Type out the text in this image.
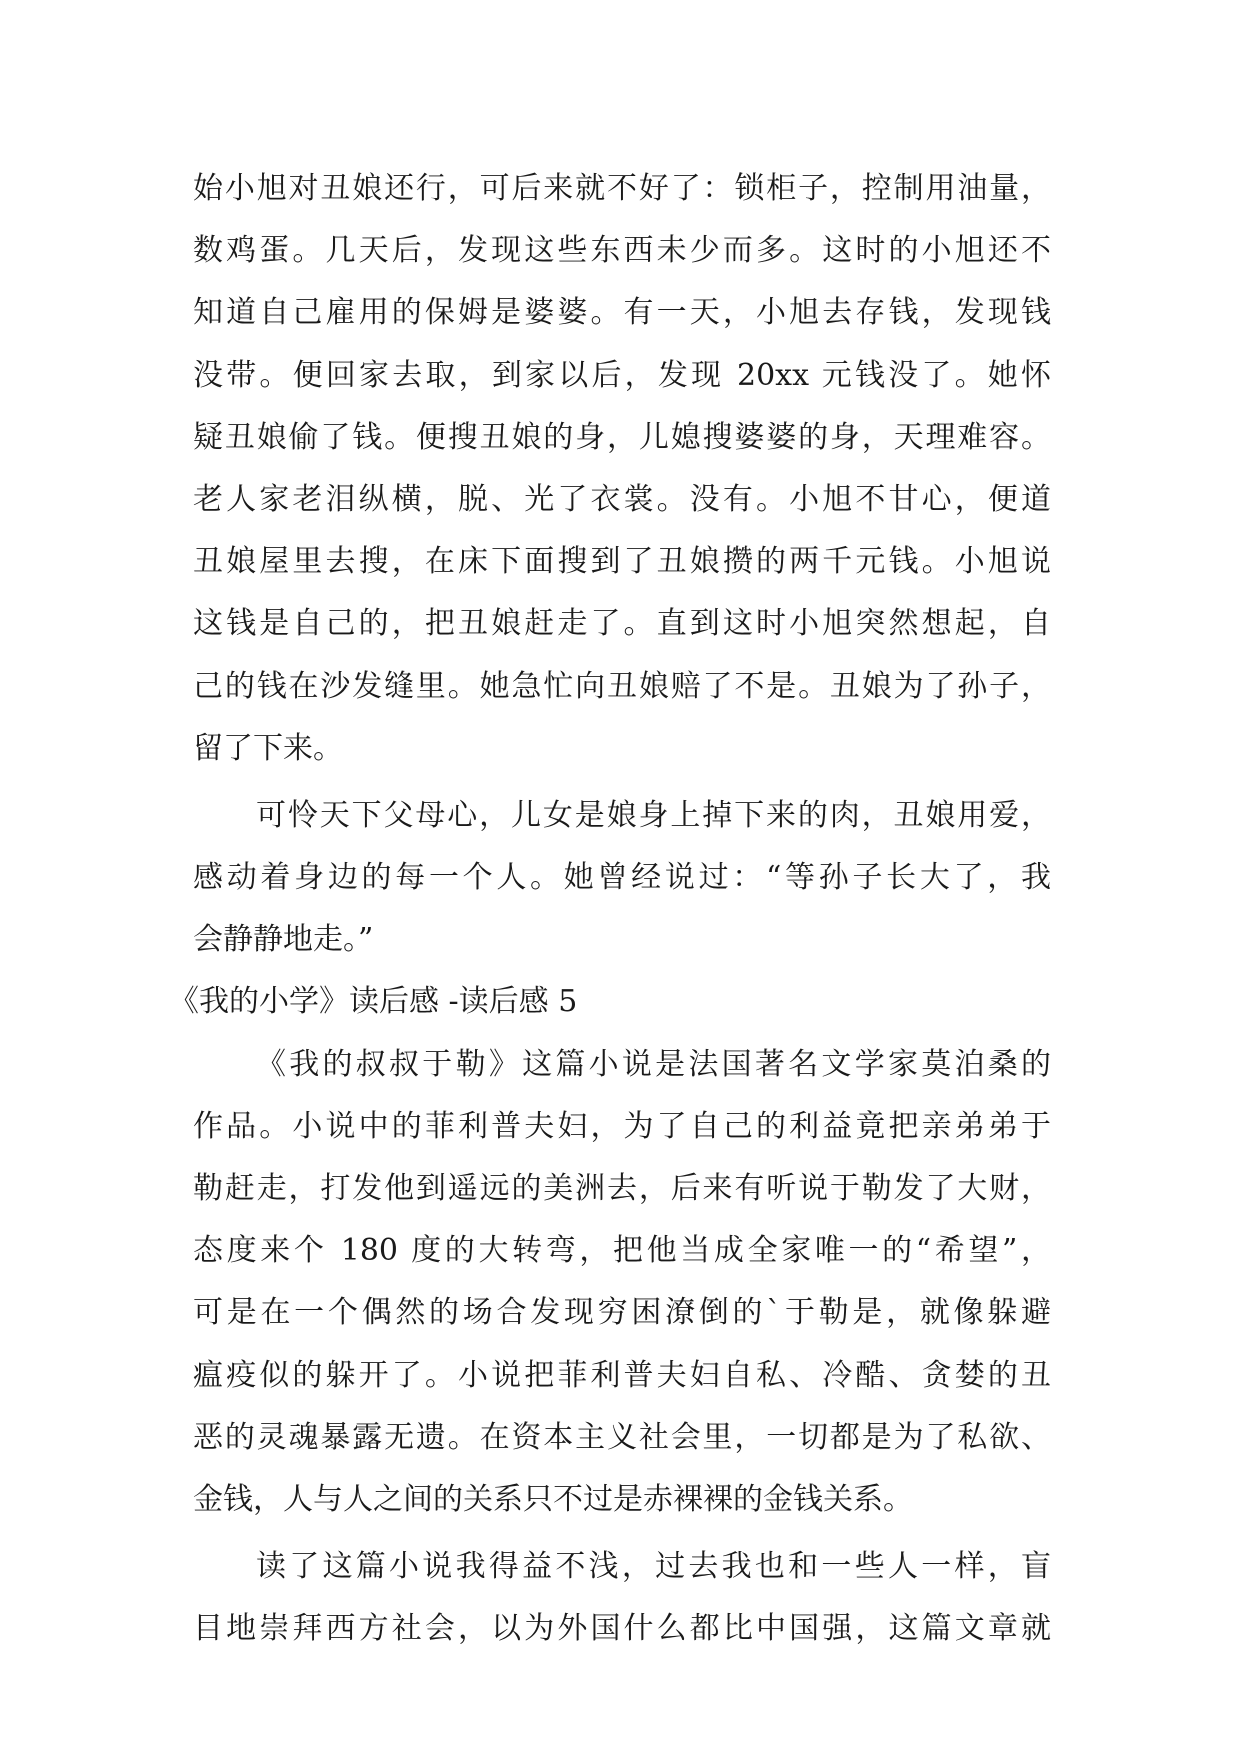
始小旭对丑娘还行，可后来就不好了：锁柜子，控制用油量，
数鸡蛋。几天后，发现这些东西未少而多。这时的小旭还不
知道自己雇用的保姆是婆婆。有一天，小旭去存钱，发现钱
没带。便回家去取，到家以后，发现 20xx 元钱没了。她怀
疑丑娘偷了钱。便搜丑娘的身，儿媳搜婆婆的身，天理难容。
老人家老泪纵横，脱、光了衣裳。没有。小旭不甘心，便道
丑娘屋里去搜，在床下面搜到了丑娘攒的两千元钱。小旭说
这钱是自己的，把丑娘赶走了。直到这时小旭突然想起，自
己的钱在沙发缝里。她急忙向丑娘赔了不是。丑娘为了孙子，
留了下来。
可怜天下父母心，儿女是娘身上掉下来的肉，丑娘用爱，
感动着身边的每一个人。她曾经说过：“等孙子长大了，我
会静静地走。”
《我的小学》读后感 -读后感 5
《我的叔叔于勒》这篇小说是法国著名文学家莫泊桑的
作品。小说中的菲利普夫妇，为了自己的利益竟把亲弟弟于
勒赶走，打发他到遥远的美洲去，后来有听说于勒发了大财，
态度来个 180 度的大转弯，把他当成全家唯一的“希望”，
可是在一个偶然的场合发现穷困潦倒的`于勒是，就像躲避
瘟疫似的躲开了。小说把菲利普夫妇自私、冷酷、贪婪的丑
恶的灵魂暴露无遗。在资本主义社会里，一切都是为了私欲、
金钱，人与人之间的关系只不过是赤裸裸的金钱关系。
读了这篇小说我得益不浅，过去我也和一些人一样，盲
目地崇拜西方社会，以为外国什么都比中国强，这篇文章就
